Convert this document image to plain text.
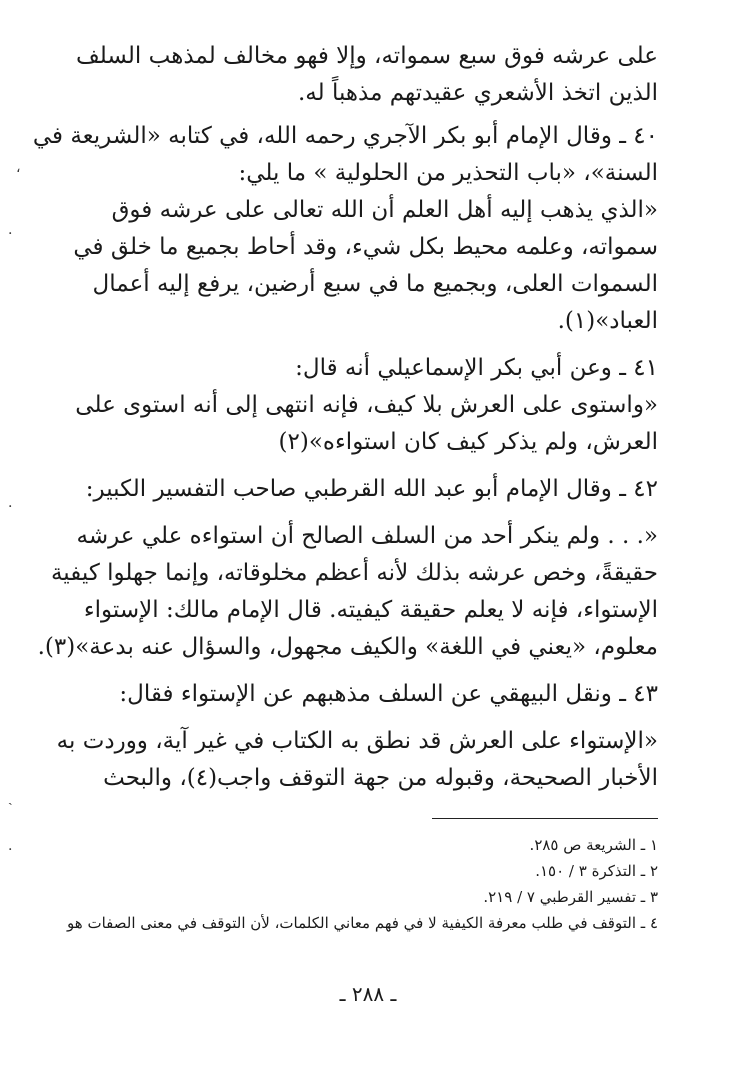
على عرشه فوق سبع سمواته، وإلا فهو مخالف لمذهب السلف
الذين اتخذ الأشعري عقيدتهم مذهباً له.
٤٠ ـ وقال الإمام أبو بكر الآجري رحمه الله، في كتابه «الشريعة في
السنة»، «باب التحذير من الحلولية » ما يلي:
«الذي يذهب إليه أهل العلم أن الله تعالى على عرشه فوق
سمواته، وعلمه محيط بكل شيء، وقد أحاط بجميع ما خلق في
السموات العلى، وبجميع ما في سبع أرضين، يرفع إليه أعمال
العباد»(١).
٤١ ـ وعن أبي بكر الإسماعيلي أنه قال:
«واستوى على العرش بلا كيف، فإنه انتهى إلى أنه استوى على
العرش، ولم يذكر كيف كان استواءه»(٢)
٤٢ ـ وقال الإمام أبو عبد الله القرطبي صاحب التفسير الكبير:
«. . . ولم ينكر أحد من السلف الصالح أن استواءه علي عرشه
حقيقةً، وخص عرشه بذلك لأنه أعظم مخلوقاته، وإنما جهلوا كيفية
الإستواء، فإنه لا يعلم حقيقة كيفيته. قال الإمام مالك: الإستواء
معلوم، «يعني في اللغة» والكيف مجهول، والسؤال عنه بدعة»(٣).
٤٣ ـ ونقل البيهقي عن السلف مذهبهم عن الإستواء فقال:
«الإستواء على العرش قد نطق به الكتاب في غير آية، ووردت به
الأخبار الصحيحة، وقبوله من جهة التوقف واجب(٤)، والبحث
١ ـ الشريعة ص ٢٨٥.
٢ ـ التذكرة ٣ / ١٥٠.
٣ ـ تفسير القرطبي ٧ / ٢١٩.
٤ ـ التوقف في طلب معرفة الكيفية لا في فهم معاني الكلمات، لأن التوقف في معنى الصفات هو
ـ ٢٨٨ ـ
،
.
.
ˎ
.
